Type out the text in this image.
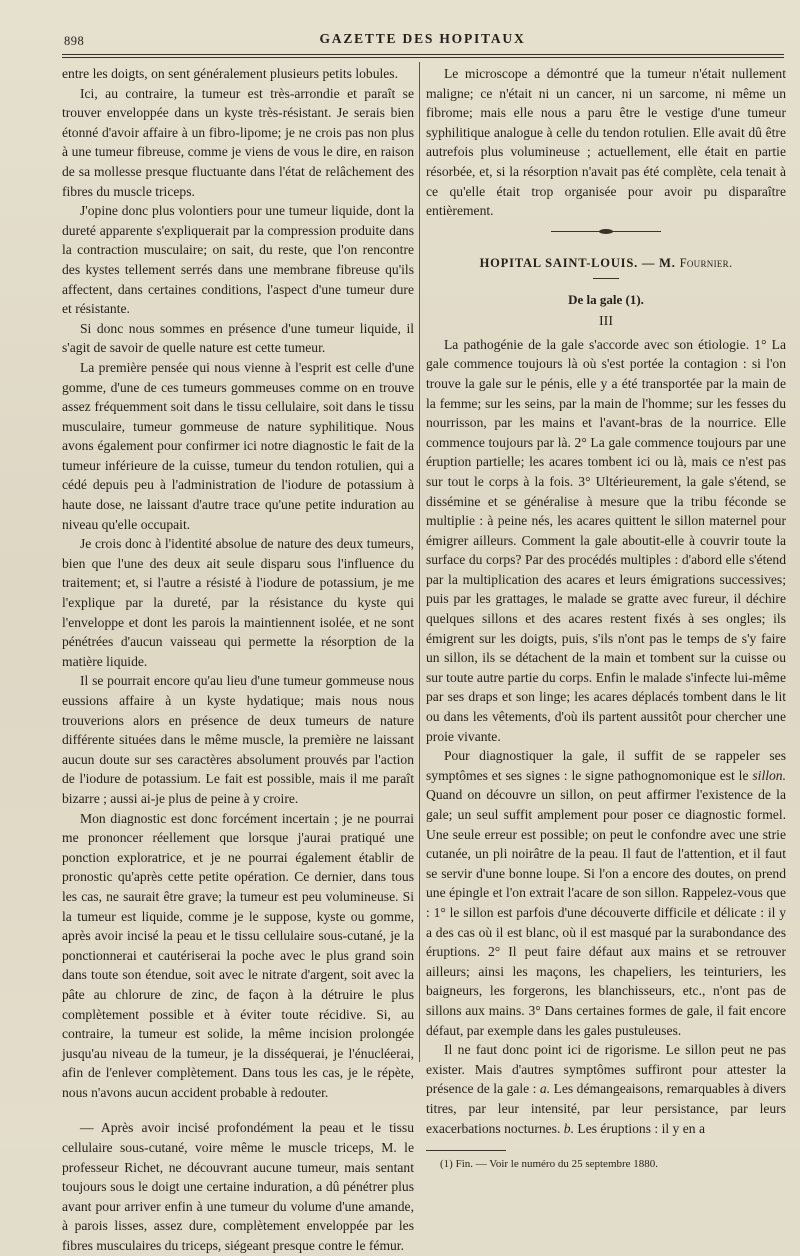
898	GAZETTE DES HOPITAUX

entre les doigts, on sent généralement plusieurs petits lobules.

Ici, au contraire, la tumeur est très-arrondie et paraît se trouver enveloppée dans un kyste très-résistant. Je serais bien étonné d'avoir affaire à un fibro-lipome; je ne crois pas non plus à une tumeur fibreuse, comme je viens de vous le dire, en raison de sa mollesse presque fluctuante dans l'état de relâchement des fibres du muscle triceps.

J'opine donc plus volontiers pour une tumeur liquide, dont la dureté apparente s'expliquerait par la compression produite dans la contraction musculaire; on sait, du reste, que l'on rencontre des kystes tellement serrés dans une membrane fibreuse qu'ils affectent, dans certaines conditions, l'aspect d'une tumeur dure et résistante.

Si donc nous sommes en présence d'une tumeur liquide, il s'agit de savoir de quelle nature est cette tumeur.

La première pensée qui nous vienne à l'esprit est celle d'une gomme, d'une de ces tumeurs gommeuses comme on en trouve assez fréquemment soit dans le tissu cellulaire, soit dans le tissu musculaire, tumeur gommeuse de nature syphilitique. Nous avons également pour confirmer ici notre diagnostic le fait de la tumeur inférieure de la cuisse, tumeur du tendon rotulien, qui a cédé depuis peu à l'administration de l'iodure de potassium à haute dose, ne laissant d'autre trace qu'une petite induration au niveau qu'elle occupait.

Je crois donc à l'identité absolue de nature des deux tumeurs, bien que l'une des deux ait seule disparu sous l'influence du traitement; et, si l'autre a résisté à l'iodure de potassium, je me l'explique par la dureté, par la résistance du kyste qui l'enveloppe et dont les parois la maintiennent isolée, et ne sont pénétrées d'aucun vaisseau qui permette la résorption de la matière liquide.

Il se pourrait encore qu'au lieu d'une tumeur gommeuse nous eussions affaire à un kyste hydatique; mais nous nous trouverions alors en présence de deux tumeurs de nature différente situées dans le même muscle, la première ne laissant aucun doute sur ses caractères absolument prouvés par l'action de l'iodure de potassium. Le fait est possible, mais il me paraît bizarre ; aussi ai-je plus de peine à y croire.

Mon diagnostic est donc forcément incertain ; je ne pourrai me prononcer réellement que lorsque j'aurai pratiqué une ponction exploratrice, et je ne pourrai également établir de pronostic qu'après cette petite opération. Ce dernier, dans tous les cas, ne saurait être grave; la tumeur est peu volumineuse. Si la tumeur est liquide, comme je le suppose, kyste ou gomme, après avoir incisé la peau et le tissu cellulaire sous-cutané, je la ponctionnerai et cautériserai la poche avec le plus grand soin dans toute son étendue, soit avec le nitrate d'argent, soit avec la pâte au chlorure de zinc, de façon à la détruire le plus complètement possible et à éviter toute récidive. Si, au contraire, la tumeur est solide, la même incision prolongée jusqu'au niveau de la tumeur, je la disséquerai, je l'énucléerai, afin de l'enlever complètement. Dans tous les cas, je le répète, nous n'avons aucun accident probable à redouter.

— Après avoir incisé profondément la peau et le tissu cellulaire sous-cutané, voire même le muscle triceps, M. le professeur Richet, ne découvrant aucune tumeur, mais sentant toujours sous le doigt une certaine induration, a dû pénétrer plus avant pour arriver enfin à une tumeur du volume d'une amande, à parois lisses, assez dure, complètement enveloppée par les fibres musculaires du triceps, siégeant presque contre le fémur.

Le microscope a démontré que la tumeur n'était nullement maligne; ce n'était ni un cancer, ni un sarcome, ni même un fibrome; mais elle nous a paru être le vestige d'une tumeur syphilitique analogue à celle du tendon rotulien. Elle avait dû être autrefois plus volumineuse ; actuellement, elle était en partie résorbée, et, si la résorption n'avait pas été complète, cela tenait à ce qu'elle était trop organisée pour avoir pu disparaître entièrement.

HOPITAL SAINT-LOUIS. — M. Fournier.
De la gale (1).
III

La pathogénie de la gale s'accorde avec son étiologie. 1° La gale commence toujours là où s'est portée la contagion : si l'on trouve la gale sur le pénis, elle y a été transportée par la main de la femme; sur les seins, par la main de l'homme; sur les fesses du nourrisson, par les mains et l'avant-bras de la nourrice. Elle commence toujours par là. 2° La gale commence toujours par une éruption partielle; les acares tombent ici ou là, mais ce n'est pas sur tout le corps à la fois. 3° Ultérieurement, la gale s'étend, se dissémine et se généralise à mesure que la tribu féconde se multiplie : à peine nés, les acares quittent le sillon maternel pour émigrer ailleurs. Comment la gale aboutit-elle à couvrir toute la surface du corps? Par des procédés multiples : d'abord elle s'étend par la multiplication des acares et leurs émigrations successives; puis par les grattages, le malade se gratte avec fureur, il déchire quelques sillons et des acares restent fixés à ses ongles; ils émigrent sur les doigts, puis, s'ils n'ont pas le temps de s'y faire un sillon, ils se détachent de la main et tombent sur la cuisse ou sur toute autre partie du corps. Enfin le malade s'infecte lui-même par ses draps et son linge; les acares déplacés tombent dans le lit ou dans les vêtements, d'où ils partent aussitôt pour chercher une proie vivante.

Pour diagnostiquer la gale, il suffit de se rappeler ses symptômes et ses signes : le signe pathognomonique est le sillon. Quand on découvre un sillon, on peut affirmer l'existence de la gale; un seul suffit amplement pour poser ce diagnostic formel. Une seule erreur est possible; on peut le confondre avec une strie cutanée, un pli noirâtre de la peau. Il faut de l'attention, et il faut se servir d'une bonne loupe. Si l'on a encore des doutes, on prend une épingle et l'on extrait l'acare de son sillon. Rappelez-vous que : 1° le sillon est parfois d'une découverte difficile et délicate : il y a des cas où il est blanc, où il est masqué par la surabondance des éruptions. 2° Il peut faire défaut aux mains et se retrouver ailleurs; ainsi les maçons, les chapeliers, les teinturiers, les baigneurs, les forgerons, les blanchisseurs, etc., n'ont pas de sillons aux mains. 3° Dans certaines formes de gale, il fait encore défaut, par exemple dans les gales pustuleuses.

Il ne faut donc point ici de rigorisme. Le sillon peut ne pas exister. Mais d'autres symptômes suffiront pour attester la présence de la gale : a. Les démangeaisons, remarquables à divers titres, par leur intensité, par leur persistance, par leurs exacerbations nocturnes. b. Les éruptions : il y en a

(1) Fin. — Voir le numéro du 25 septembre 1880.
